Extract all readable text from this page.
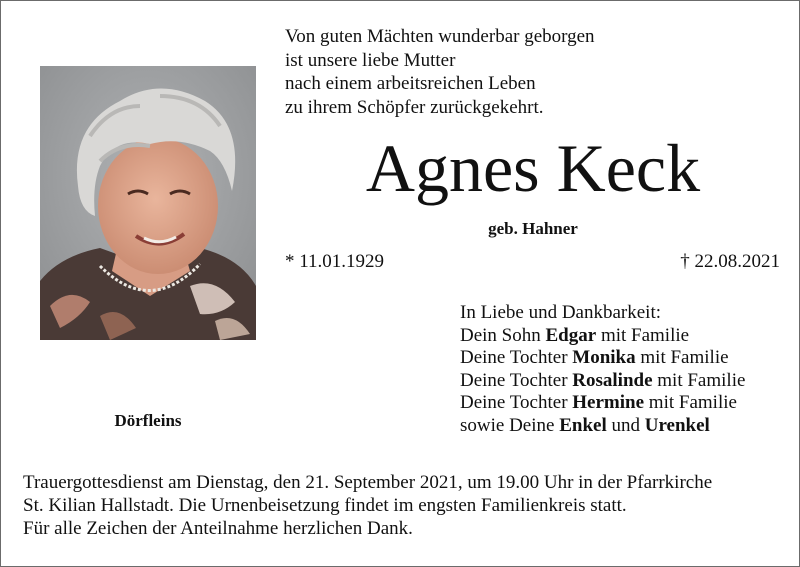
Dörfleins
Von guten Mächten wunderbar geborgen
ist unsere liebe Mutter
nach einem arbeitsreichen Leben
zu ihrem Schöpfer zurückgekehrt.
Agnes Keck
geb. Hahner
* 11.01.1929	† 22.08.2021
In Liebe und Dankbarkeit:
Dein Sohn Edgar mit Familie
Deine Tochter Monika mit Familie
Deine Tochter Rosalinde mit Familie
Deine Tochter Hermine mit Familie
sowie Deine Enkel und Urenkel
Trauergottesdienst am Dienstag, den 21. September 2021, um 19.00 Uhr in der Pfarrkirche
St. Kilian Hallstadt. Die Urnenbeisetzung findet im engsten Familienkreis statt.
Für alle Zeichen der Anteilnahme herzlichen Dank.
